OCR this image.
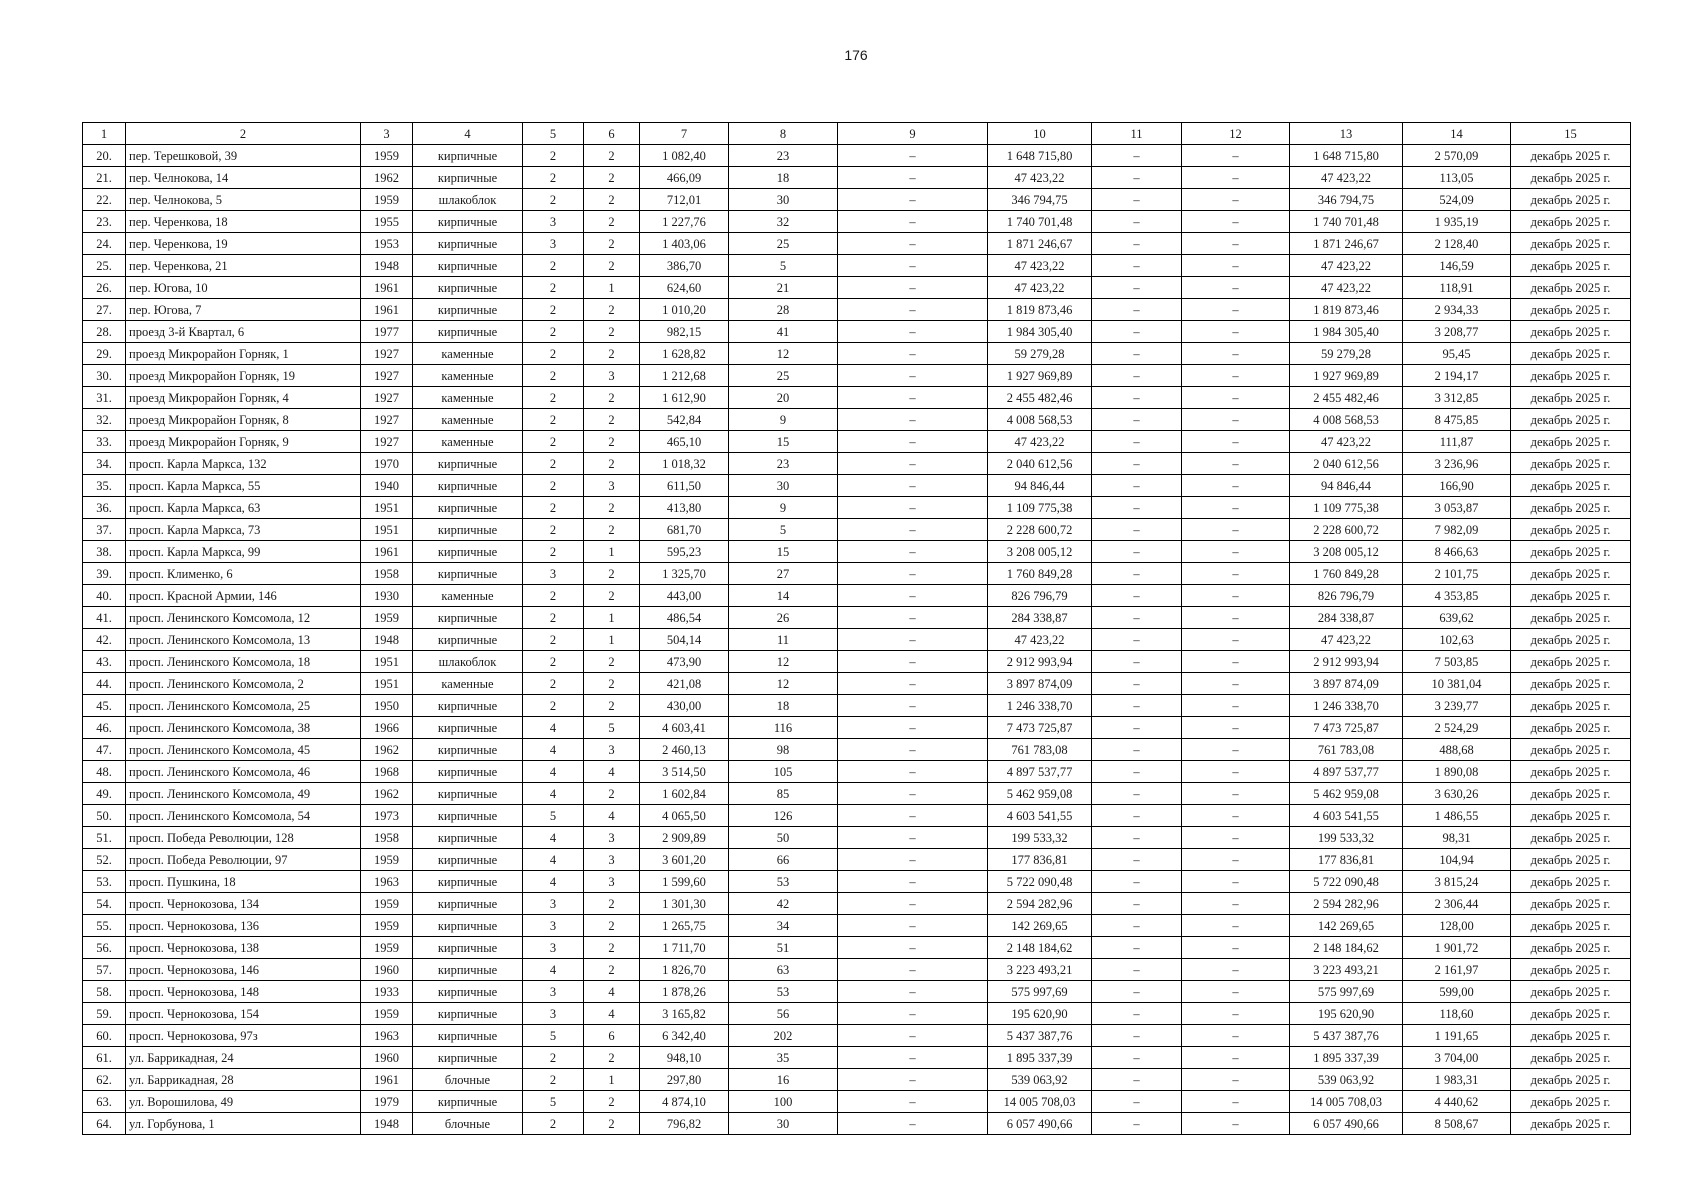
176
1	2	3	4	5	6	7	8	9	10	11	12	13	14	15
20.	пер. Терешковой, 39	1959	кирпичные	2	2	1 082,40	23	–	1 648 715,80	–	–	1 648 715,80	2 570,09	декабрь 2025 г.
21.	пер. Челнокова, 14	1962	кирпичные	2	2	466,09	18	–	47 423,22	–	–	47 423,22	113,05	декабрь 2025 г.
22.	пер. Челнокова, 5	1959	шлакоблок	2	2	712,01	30	–	346 794,75	–	–	346 794,75	524,09	декабрь 2025 г.
23.	пер. Черенкова, 18	1955	кирпичные	3	2	1 227,76	32	–	1 740 701,48	–	–	1 740 701,48	1 935,19	декабрь 2025 г.
24.	пер. Черенкова, 19	1953	кирпичные	3	2	1 403,06	25	–	1 871 246,67	–	–	1 871 246,67	2 128,40	декабрь 2025 г.
25.	пер. Черенкова, 21	1948	кирпичные	2	2	386,70	5	–	47 423,22	–	–	47 423,22	146,59	декабрь 2025 г.
26.	пер. Югова, 10	1961	кирпичные	2	1	624,60	21	–	47 423,22	–	–	47 423,22	118,91	декабрь 2025 г.
27.	пер. Югова, 7	1961	кирпичные	2	2	1 010,20	28	–	1 819 873,46	–	–	1 819 873,46	2 934,33	декабрь 2025 г.
28.	проезд 3-й Квартал, 6	1977	кирпичные	2	2	982,15	41	–	1 984 305,40	–	–	1 984 305,40	3 208,77	декабрь 2025 г.
29.	проезд Микрорайон Горняк, 1	1927	каменные	2	2	1 628,82	12	–	59 279,28	–	–	59 279,28	95,45	декабрь 2025 г.
30.	проезд Микрорайон Горняк, 19	1927	каменные	2	3	1 212,68	25	–	1 927 969,89	–	–	1 927 969,89	2 194,17	декабрь 2025 г.
31.	проезд Микрорайон Горняк, 4	1927	каменные	2	2	1 612,90	20	–	2 455 482,46	–	–	2 455 482,46	3 312,85	декабрь 2025 г.
32.	проезд Микрорайон Горняк, 8	1927	каменные	2	2	542,84	9	–	4 008 568,53	–	–	4 008 568,53	8 475,85	декабрь 2025 г.
33.	проезд Микрорайон Горняк, 9	1927	каменные	2	2	465,10	15	–	47 423,22	–	–	47 423,22	111,87	декабрь 2025 г.
34.	просп. Карла Маркса, 132	1970	кирпичные	2	2	1 018,32	23	–	2 040 612,56	–	–	2 040 612,56	3 236,96	декабрь 2025 г.
35.	просп. Карла Маркса, 55	1940	кирпичные	2	3	611,50	30	–	94 846,44	–	–	94 846,44	166,90	декабрь 2025 г.
36.	просп. Карла Маркса, 63	1951	кирпичные	2	2	413,80	9	–	1 109 775,38	–	–	1 109 775,38	3 053,87	декабрь 2025 г.
37.	просп. Карла Маркса, 73	1951	кирпичные	2	2	681,70	5	–	2 228 600,72	–	–	2 228 600,72	7 982,09	декабрь 2025 г.
38.	просп. Карла Маркса, 99	1961	кирпичные	2	1	595,23	15	–	3 208 005,12	–	–	3 208 005,12	8 466,63	декабрь 2025 г.
39.	просп. Клименко, 6	1958	кирпичные	3	2	1 325,70	27	–	1 760 849,28	–	–	1 760 849,28	2 101,75	декабрь 2025 г.
40.	просп. Красной Армии, 146	1930	каменные	2	2	443,00	14	–	826 796,79	–	–	826 796,79	4 353,85	декабрь 2025 г.
41.	просп. Ленинского Комсомола, 12	1959	кирпичные	2	1	486,54	26	–	284 338,87	–	–	284 338,87	639,62	декабрь 2025 г.
42.	просп. Ленинского Комсомола, 13	1948	кирпичные	2	1	504,14	11	–	47 423,22	–	–	47 423,22	102,63	декабрь 2025 г.
43.	просп. Ленинского Комсомола, 18	1951	шлакоблок	2	2	473,90	12	–	2 912 993,94	–	–	2 912 993,94	7 503,85	декабрь 2025 г.
44.	просп. Ленинского Комсомола, 2	1951	каменные	2	2	421,08	12	–	3 897 874,09	–	–	3 897 874,09	10 381,04	декабрь 2025 г.
45.	просп. Ленинского Комсомола, 25	1950	кирпичные	2	2	430,00	18	–	1 246 338,70	–	–	1 246 338,70	3 239,77	декабрь 2025 г.
46.	просп. Ленинского Комсомола, 38	1966	кирпичные	4	5	4 603,41	116	–	7 473 725,87	–	–	7 473 725,87	2 524,29	декабрь 2025 г.
47.	просп. Ленинского Комсомола, 45	1962	кирпичные	4	3	2 460,13	98	–	761 783,08	–	–	761 783,08	488,68	декабрь 2025 г.
48.	просп. Ленинского Комсомола, 46	1968	кирпичные	4	4	3 514,50	105	–	4 897 537,77	–	–	4 897 537,77	1 890,08	декабрь 2025 г.
49.	просп. Ленинского Комсомола, 49	1962	кирпичные	4	2	1 602,84	85	–	5 462 959,08	–	–	5 462 959,08	3 630,26	декабрь 2025 г.
50.	просп. Ленинского Комсомола, 54	1973	кирпичные	5	4	4 065,50	126	–	4 603 541,55	–	–	4 603 541,55	1 486,55	декабрь 2025 г.
51.	просп. Победа Революции, 128	1958	кирпичные	4	3	2 909,89	50	–	199 533,32	–	–	199 533,32	98,31	декабрь 2025 г.
52.	просп. Победа Революции, 97	1959	кирпичные	4	3	3 601,20	66	–	177 836,81	–	–	177 836,81	104,94	декабрь 2025 г.
53.	просп. Пушкина, 18	1963	кирпичные	4	3	1 599,60	53	–	5 722 090,48	–	–	5 722 090,48	3 815,24	декабрь 2025 г.
54.	просп. Чернокозова, 134	1959	кирпичные	3	2	1 301,30	42	–	2 594 282,96	–	–	2 594 282,96	2 306,44	декабрь 2025 г.
55.	просп. Чернокозова, 136	1959	кирпичные	3	2	1 265,75	34	–	142 269,65	–	–	142 269,65	128,00	декабрь 2025 г.
56.	просп. Чернокозова, 138	1959	кирпичные	3	2	1 711,70	51	–	2 148 184,62	–	–	2 148 184,62	1 901,72	декабрь 2025 г.
57.	просп. Чернокозова, 146	1960	кирпичные	4	2	1 826,70	63	–	3 223 493,21	–	–	3 223 493,21	2 161,97	декабрь 2025 г.
58.	просп. Чернокозова, 148	1933	кирпичные	3	4	1 878,26	53	–	575 997,69	–	–	575 997,69	599,00	декабрь 2025 г.
59.	просп. Чернокозова, 154	1959	кирпичные	3	4	3 165,82	56	–	195 620,90	–	–	195 620,90	118,60	декабрь 2025 г.
60.	просп. Чернокозова, 97з	1963	кирпичные	5	6	6 342,40	202	–	5 437 387,76	–	–	5 437 387,76	1 191,65	декабрь 2025 г.
61.	ул. Баррикадная, 24	1960	кирпичные	2	2	948,10	35	–	1 895 337,39	–	–	1 895 337,39	3 704,00	декабрь 2025 г.
62.	ул. Баррикадная, 28	1961	блочные	2	1	297,80	16	–	539 063,92	–	–	539 063,92	1 983,31	декабрь 2025 г.
63.	ул. Ворошилова, 49	1979	кирпичные	5	2	4 874,10	100	–	14 005 708,03	–	–	14 005 708,03	4 440,62	декабрь 2025 г.
64.	ул. Горбунова, 1	1948	блочные	2	2	796,82	30	–	6 057 490,66	–	–	6 057 490,66	8 508,67	декабрь 2025 г.
